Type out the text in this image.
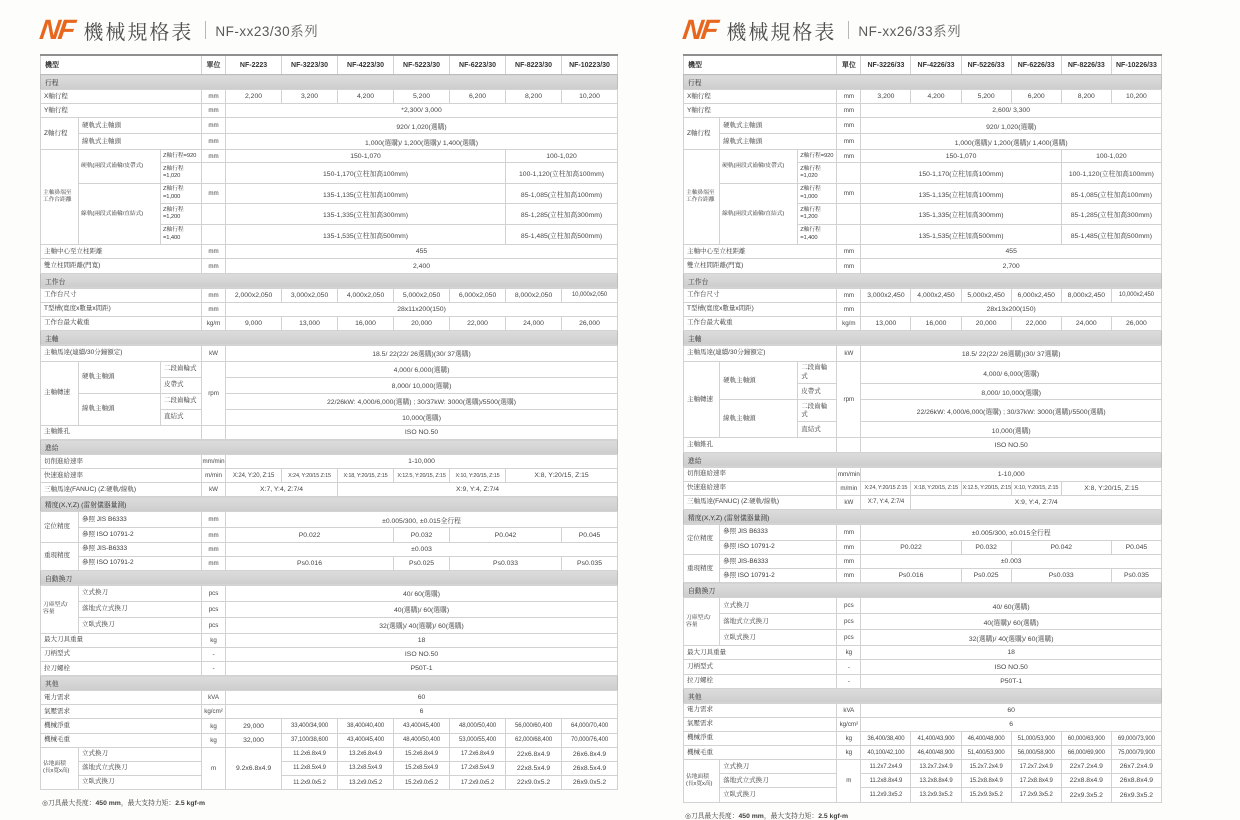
NF 機械規格表 NF-xx23/30系列
機型			單位	NF-2223	NF-3223/30	NF-4223/30	NF-5223/30	NF-6223/30	NF-8223/30	NF-10223/30
行程										
X軸行程			mm	2,200	3,200	4,200	5,200	6,200	8,200	10,200
Y軸行程			mm	*2,300/ 3,000						
Z軸行程	硬軌式主軸頭		mm	920/ 1,020(選購)						
	線軌式主軸頭		mm	1,000(選購)/ 1,200(選購)/ 1,400(選購)						
主軸鼻端至
工作台距離	硬軌(兩段式齒輪/皮帶式)	Z軸行程=920	mm	150-1,070					100-1,020	
		Z軸行程=1,020		150-1,170(立柱加高100mm)					100-1,120(立柱加高100mm)	
	線軌(兩段式齒輪/直結式)	Z軸行程=1,000	mm	135-1,135(立柱加高100mm)					85-1,085(立柱加高100mm)	
		Z軸行程=1,200		135-1,335(立柱加高300mm)					85-1,285(立柱加高300mm)	
		Z軸行程=1,400		135-1,535(立柱加高500mm)					85-1,485(立柱加高500mm)	
主軸中心至立柱距離			mm	455						
雙立柱間距離(門寬)			mm	2,400						
工作台										
工作台尺寸			mm	2,000x2,050	3,000x2,050	4,000x2,050	5,000x2,050	6,000x2,050	8,000x2,050	10,000x2,050
T型槽(寬度x數量x間距)			mm	28x11x200(150)						
工作台最大載重			kg/m	9,000	13,000	16,000	20,000	22,000	24,000	26,000
主軸										
主軸馬達(連續/30分鐘額定)			kW	18.5/ 22(22/ 26選購)(30/ 37選購)						
主軸轉速	硬軌主軸頭	二段齒輪式	rpm	4,000/ 6,000(選購)						
		皮帶式		8,000/ 10,000(選購)						
	線軌主軸頭	二段齒輪式		22/26kW: 4,000/6,000(選購) ; 30/37kW: 3000(選購)/5500(選購)						
		直結式		10,000(選購)						
主軸錐孔				ISO NO.50						
進給										
切削進給速率			mm/min	1-10,000						
快速進給速率			m/min	X:24, Y:20, Z:15	X:24, Y:20/15 Z:15	X:18, Y:20/15, Z:15	X:12.5, Y:20/15, Z:15	X:10, Y:20/15, Z:15	X:8, Y:20/15, Z:15	
三軸馬達(FANUC) (Z:硬軌/線軌)			kW	X:7, Y:4, Z:7/4		X:9, Y:4, Z:7/4				
精度(X,Y,Z) (雷射儀器量測)										
定位精度	參照 JIS B6333		mm	±0.005/300, ±0.015全行程						
	參照 ISO 10791-2		mm	P0.022			P0.032	P0.042		P0.045
重現精度	參照 JIS-B6333		mm	±0.003						
	參照 ISO 10791-2		mm	Ps0.016			Ps0.025	Ps0.033		Ps0.035
自動換刀										
刀庫型式/
容量	立式換刀		pcs	40/ 60(選購)						
	落地式立式換刀		pcs	40(選購)/ 60(選購)						
	立臥式換刀		pcs	32(選購)/ 40(選購)/ 60(選購)						
最大刀具重量			kg	18						
刀柄型式			-	ISO NO.50						
拉刀螺栓			-	P50T-1						
其他										
電力需求			kVA	60						
氣壓需求			kg/cm²	6						
機械淨重			kg	29,000	33,400/34,900	38,400/40,400	43,400/45,400	48,000/50,400	56,000/60,400	64,000/70,400
機械毛重			kg	32,000	37,100/38,600	43,400/45,400	48,400/50,400	53,000/55,400	62,000/68,400	70,000/76,400
佔地面積
(長x寬x高)	立式換刀		m	9.2x6.8x4.9	11.2x6.8x4.9	13.2x6.8x4.9	15.2x6.8x4.9	17.2x6.8x4.9	22x6.8x4.9	26x6.8x4.9
	落地式立式換刀				11.2x8.5x4.9	13.2x8.5x4.9	15.2x8.5x4.9	17.2x8.5x4.9	22x8.5x4.9	26x8.5x4.9
	立臥式換刀				11.2x9.0x5.2	13.2x9.0x5.2	15.2x9.0x5.2	17.2x9.0x5.2	22x9.0x5.2	26x9.0x5.2
◎刀具最大長度：450 mm，最大支持力矩：2.5 kgf-m
NF 機械規格表 NF-xx26/33系列
機型			單位	NF-3226/33	NF-4226/33	NF-5226/33	NF-6226/33	NF-8226/33	NF-10226/33
行程									
X軸行程			mm	3,200	4,200	5,200	6,200	8,200	10,200
Y軸行程			mm	2,600/ 3,300					
Z軸行程	硬軌式主軸頭		mm	920/ 1,020(選購)					
	線軌式主軸頭		mm	1,000(選購)/ 1,200(選購)/ 1,400(選購)					
主軸鼻端至
工作台距離	硬軌(兩段式齒輪/皮帶式)	Z軸行程=920	mm	150-1,070				100-1,020	
		Z軸行程=1,020		150-1,170(立柱加高100mm)				100-1,120(立柱加高100mm)	
	線軌(兩段式齒輪/直結式)	Z軸行程=1,000	mm	135-1,135(立柱加高100mm)				85-1,085(立柱加高100mm)	
		Z軸行程=1,200		135-1,335(立柱加高300mm)				85-1,285(立柱加高300mm)	
		Z軸行程=1,400		135-1,535(立柱加高500mm)				85-1,485(立柱加高500mm)	
主軸中心至立柱距離			mm	455					
雙立柱間距離(門寬)			mm	2,700					
工作台									
工作台尺寸			mm	3,000x2,450	4,000x2,450	5,000x2,450	6,000x2,450	8,000x2,450	10,000x2,450
T型槽(寬度x數量x間距)			mm	28x13x200(150)					
工作台最大載重			kg/m	13,000	16,000	20,000	22,000	24,000	26,000
主軸									
主軸馬達(連續/30分鐘額定)			kW	18.5/ 22(22/ 26選購)(30/ 37選購)					
主軸轉速	硬軌主軸頭	二段齒輪式	rpm	4,000/ 6,000(選購)					
		皮帶式		8,000/ 10,000(選購)					
	線軌主軸頭	二段齒輪式		22/26kW: 4,000/6,000(選購) ; 30/37kW: 3000(選購)/5500(選購)					
		直結式		10,000(選購)					
主軸錐孔				ISO NO.50					
進給									
切削進給速率			mm/min	1-10,000					
快速進給速率			m/min	X:24, Y:20/15 Z:15	X:18, Y:20/15, Z:15	X:12.5, Y:20/15, Z:15	X:10, Y:20/15, Z:15	X:8, Y:20/15, Z:15	
三軸馬達(FANUC) (Z:硬軌/線軌)			kW	X:7, Y:4, Z:7/4	X:9, Y:4, Z:7/4				
精度(X,Y,Z) (雷射儀器量測)									
定位精度	參照 JIS B6333		mm	±0.005/300, ±0.015全行程					
	參照 ISO 10791-2		mm	P0.022		P0.032	P0.042		P0.045
重現精度	參照 JIS-B6333		mm	±0.003					
	參照 ISO 10791-2		mm	Ps0.016		Ps0.025	Ps0.033		Ps0.035
自動換刀									
刀庫型式/
容量	立式換刀		pcs	40/ 60(選購)					
	落地式立式換刀		pcs	40(選購)/ 60(選購)					
	立臥式換刀		pcs	32(選購)/ 40(選購)/ 60(選購)					
最大刀具重量			kg	18					
刀柄型式			-	ISO NO.50					
拉刀螺栓			-	P50T-1					
其他									
電力需求			kVA	60					
氣壓需求			kg/cm²	6					
機械淨重			kg	36,400/38,400	41,400/43,900	46,400/48,900	51,000/53,900	60,000/63,900	69,000/73,900
機械毛重			kg	40,100/42,100	46,400/48,900	51,400/53,900	56,000/58,900	66,000/69,900	75,000/79,900
佔地面積
(長x寬x高)	立式換刀		m	11.2x7.2x4.9	13.2x7.2x4.9	15.2x7.2x4.9	17.2x7.2x4.9	22x7.2x4.9	26x7.2x4.9
	落地式立式換刀			11.2x8.8x4.9	13.2x8.8x4.9	15.2x8.8x4.9	17.2x8.8x4.9	22x8.8x4.9	26x8.8x4.9
	立臥式換刀			11.2x9.3x5.2	13.2x9.3x5.2	15.2x9.3x5.2	17.2x9.3x5.2	22x9.3x5.2	26x9.3x5.2
◎刀具最大長度：450 mm，最大支持力矩：2.5 kgf-m
